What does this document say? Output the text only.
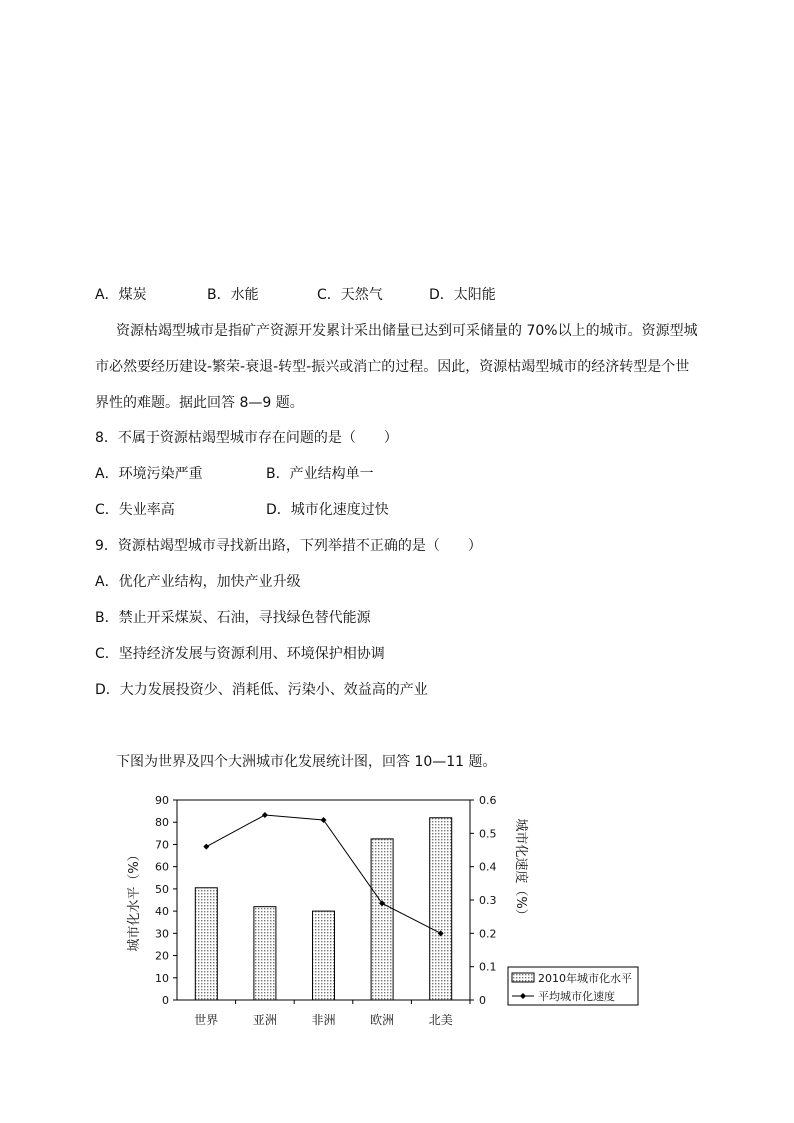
A．煤炭	B．水能	C．天然气	D．太阳能
资源枯竭型城市是指矿产资源开发累计采出储量已达到可采储量的 70%以上的城市。资源型城
市必然要经历建设-繁荣-衰退-转型-振兴或消亡的过程。因此，资源枯竭型城市的经济转型是个世
界性的难题。据此回答 8—9 题。
8．不属于资源枯竭型城市存在问题的是（　　）
A．环境污染严重	B．产业结构单一
C．失业率高	D．城市化速度过快
9．资源枯竭型城市寻找新出路，下列举措不正确的是（　　）
A．优化产业结构，加快产业升级
B．禁止开采煤炭、石油，寻找绿色替代能源
C．坚持经济发展与资源利用、环境保护相协调
D．大力发展投资少、消耗低、污染小、效益高的产业
下图为世界及四个大洲城市化发展统计图，回答 10—11 题。
0
10
20
30
40
50
60
70
80
90
0
0.1
0.2
0.3
0.4
0.5
0.6
城市化水平（%）	城市化速度（%）
世界	亚洲	非洲	欧洲	北美
2010年城市化水平
平均城市化速度
